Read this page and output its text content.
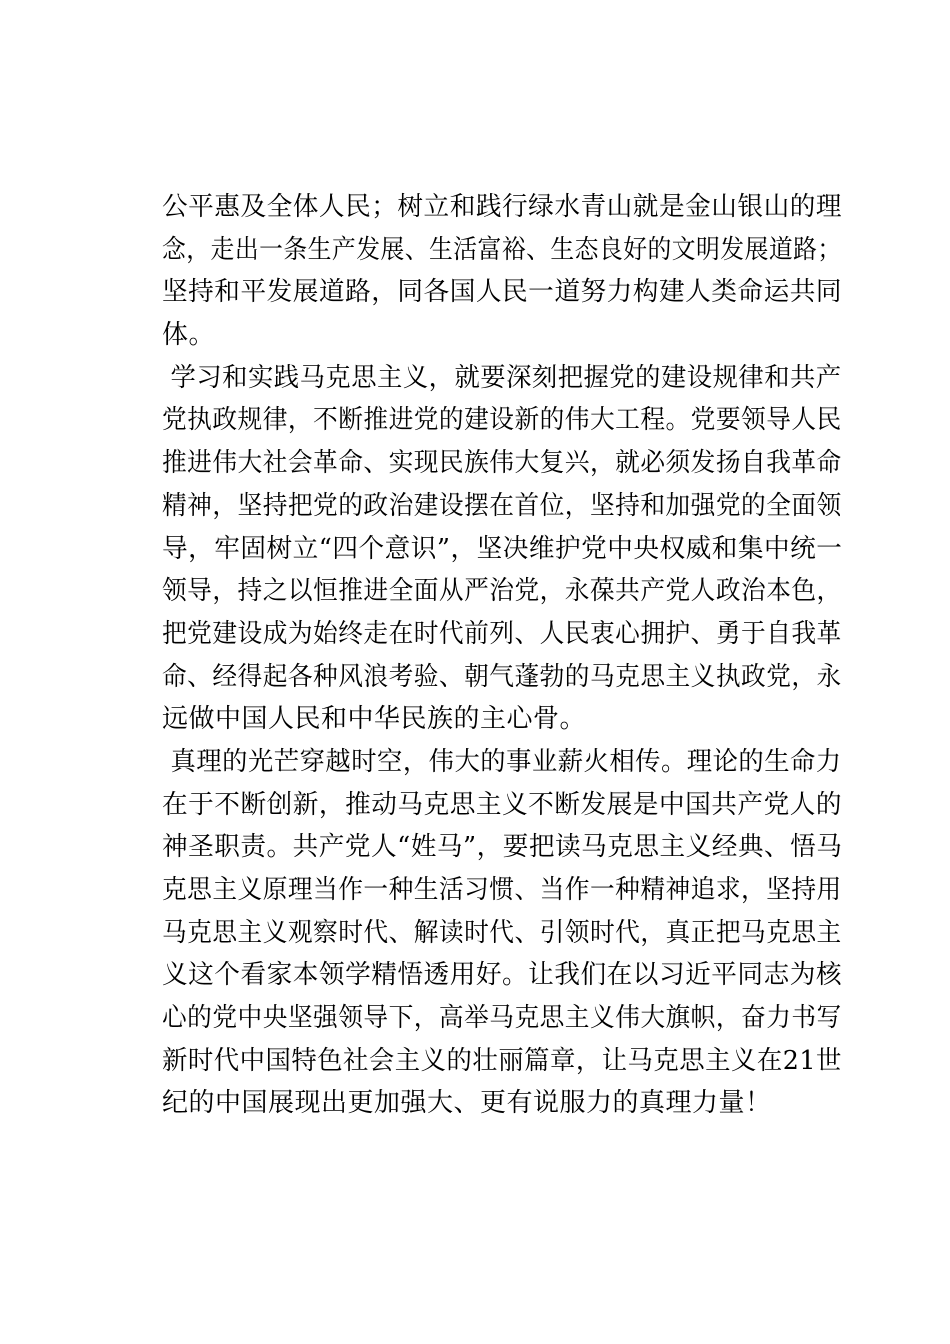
公平惠及全体人民；树立和践行绿水青山就是金山银山的理
念，走出一条生产发展、生活富裕、生态良好的文明发展道路；
坚持和平发展道路，同各国人民一道努力构建人类命运共同
体。
学习和实践马克思主义，就要深刻把握党的建设规律和共产
党执政规律，不断推进党的建设新的伟大工程。党要领导人民
推进伟大社会革命、实现民族伟大复兴，就必须发扬自我革命
精神，坚持把党的政治建设摆在首位，坚持和加强党的全面领
导，牢固树立“四个意识”，坚决维护党中央权威和集中统一
领导，持之以恒推进全面从严治党，永葆共产党人政治本色，
把党建设成为始终走在时代前列、人民衷心拥护、勇于自我革
命、经得起各种风浪考验、朝气蓬勃的马克思主义执政党，永
远做中国人民和中华民族的主心骨。
真理的光芒穿越时空，伟大的事业薪火相传。理论的生命力
在于不断创新，推动马克思主义不断发展是中国共产党人的
神圣职责。共产党人“姓马”，要把读马克思主义经典、悟马
克思主义原理当作一种生活习惯、当作一种精神追求，坚持用
马克思主义观察时代、解读时代、引领时代，真正把马克思主
义这个看家本领学精悟透用好。让我们在以习近平同志为核
心的党中央坚强领导下，高举马克思主义伟大旗帜，奋力书写
新时代中国特色社会主义的壮丽篇章，让马克思主义在21世
纪的中国展现出更加强大、更有说服力的真理力量！
